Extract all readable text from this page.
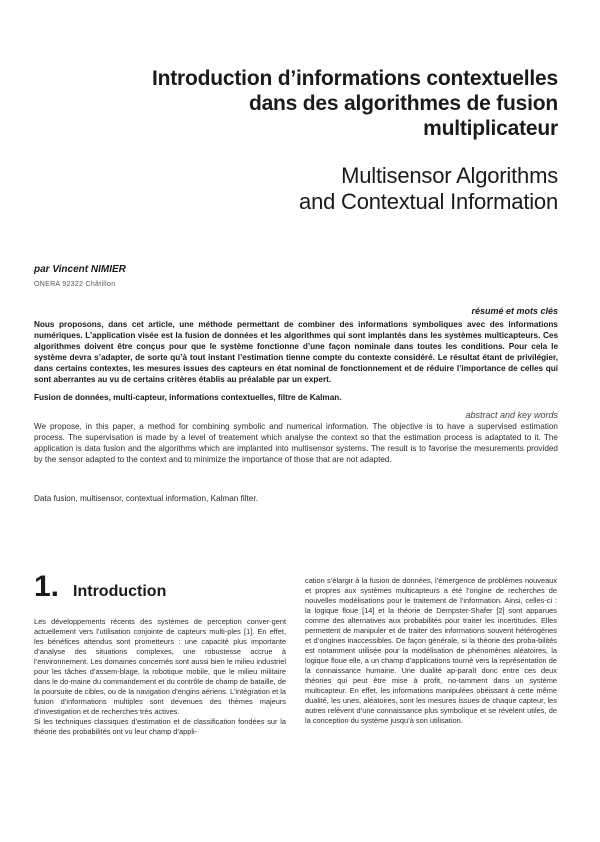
Introduction d’informations contextuelles
dans des algorithmes de fusion
multiplicateur

Multisensor Algorithms
and Contextual Information

par Vincent NIMIER
ONERA 92322 Châtillon
résumé et mots clés

Nous proposons, dans cet article, une méthode permettant de combiner des informations symboliques avec des informations numériques. L’application visée est la fusion de données et les algorithmes qui sont implantés dans les systèmes multicapteurs. Ces algorithmes doivent être conçus pour que le système fonctionne d’une façon nominale dans toutes les conditions. Pour cela le système devra s’adapter, de sorte qu’à tout instant l’estimation tienne compte du contexte considéré. Le résultat étant de privilégier, dans certains contextes, les mesures issues des capteurs en état nominal de fonctionnement et de réduire l’importance de celles qui sont aberrantes au vu de certains critères établis au préalable par un expert.

Fusion de données, multi-capteur, informations contextuelles, filtre de Kalman.

abstract and key words

We propose, in this paper, a method for combining symbolic and numerical information. The objective is to have a supervised estimation process. The supervisation is made by a level of treatement which analyse the context so that the estimation process is adaptated to it. The application is data fusion and the algorithms which are implanted into multisensor systems. The result is to favorise the mesurements provided by the sensor adapted to the context and to minimize the importance of those that are not adapted.

Data fusion, multisensor, contextual information, Kalman filter.

1. Introduction

Les développements récents des systèmes de perception conver-gent actuellement vers l’utilisation conjointe de capteurs multi-ples [1]. En effet, les bénéfices attendus sont prometteurs : une capacité plus importante d’analyse des situations complexes, une robustesse accrue à l’environnement. Les domaines concernés sont aussi bien le milieu industriel pour les tâches d’assem-blage, la robotique mobile, que le milieu militaire dans le do-maine du commandement et du contrôle de champ de bataille, de la poursuite de cibles, ou de la navigation d’engins aériens. L’intégration et la fusion d’informations multiples sont devenues des thèmes majeurs d’investigation et de recherches très actives.

Si les techniques classiques d’estimation et de classification fondées sur la théorie des probabilités ont vu leur champ d’appli-

cation s’élargir à la fusion de données, l’émergence de problèmes nouveaux et propres aux systèmes multicapteurs a été l’origine de recherches de nouvelles modélisations pour le traitement de l’information. Ainsi, celles-ci : la logique floue [14] et la théorie de Dempster-Shafer [2] sont apparues comme des alternatives aux probabilités pour traiter les incertitudes. Elles permettent de manipuler et de traiter des informations souvent hétérogènes et d’origines inaccessibles. De façon générale, si la théorie des proba-bilités est notamment utilisée pour la modélisation de phénomènes aléatoires, la logique floue elle, a un champ d’applications tourné vers la représentation de la connaissance humaine. Une dualité ap-paraît donc entre ces deux théories qui peut être mise à profit, no-tamment dans un système multicapteur. En effet, les informations manipulées obéissant à cette même dualité, les unes, aléatoires, sont les mesures issues de chaque capteur, les autres relèvent d’une connaissance plus symbolique et se révèlent utiles, de la conception du système jusqu’à son utilisation.
